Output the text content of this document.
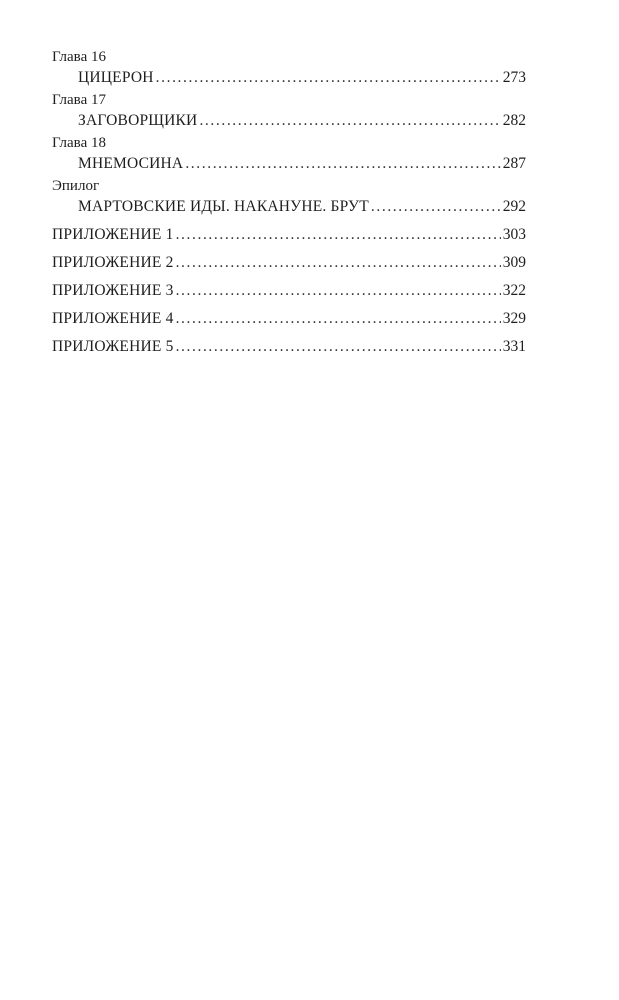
Глава 16
ЦИЦЕРОН .....	273
Глава 17
ЗАГОВОРЩИКИ .....	282
Глава 18
МНЕМОСИНА .....	287
Эпилог
МАРТОВСКИЕ ИДЫ. НАКАНУНЕ. БРУТ .....	292
ПРИЛОЖЕНИЕ 1 .....	303
ПРИЛОЖЕНИЕ 2 .....	309
ПРИЛОЖЕНИЕ 3 .....	322
ПРИЛОЖЕНИЕ 4 .....	329
ПРИЛОЖЕНИЕ 5 .....	331
